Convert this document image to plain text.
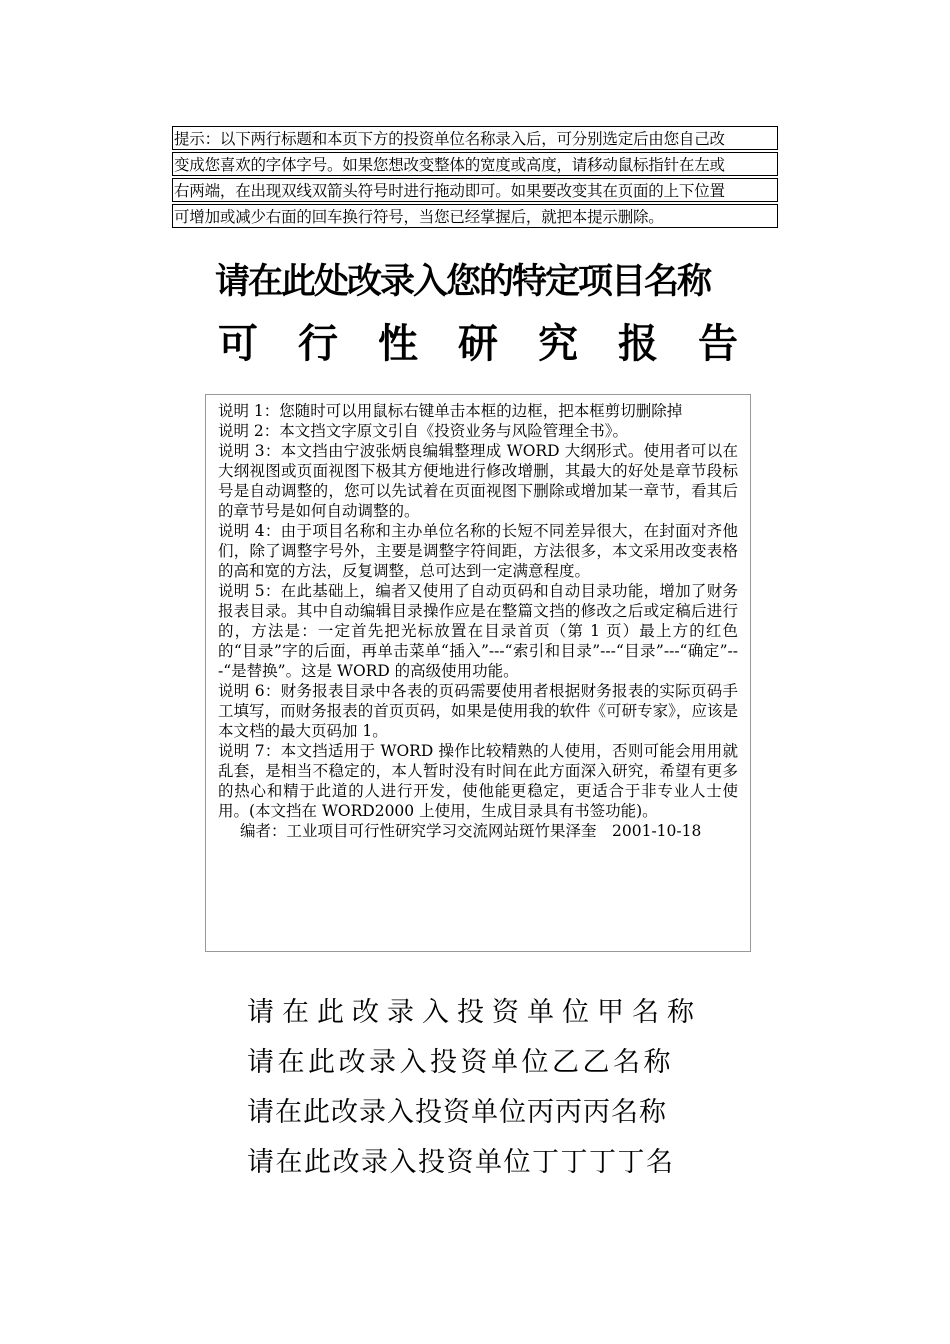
提示：以下两行标题和本页下方的投资单位名称录入后，可分别选定后由您自己改
变成您喜欢的字体字号。如果您想改变整体的宽度或高度，请移动鼠标指针在左或
右两端，在出现双线双箭头符号时进行拖动即可。如果要改变其在页面的上下位置
可增加或减少右面的回车换行符号，当您已经掌握后，就把本提示删除。
请在此处改录入您的特定项目名称
可 行 性 研 究 报 告

说明 1：您随时可以用鼠标右键单击本框的边框，把本框剪切删除掉

说明 2：本文挡文字原文引自《投资业务与风险管理全书》。

说明 3：本文挡由宁波张炳良编辑整理成 WORD 大纲形式。使用者可以在大纲视图或页面视图下极其方便地进行修改增删，其最大的好处是章节段标号是自动调整的，您可以先试着在页面视图下删除或增加某一章节，看其后的章节号是如何自动调整的。

说明 4：由于项目名称和主办单位名称的长短不同差异很大，在封面对齐他们，除了调整字号外，主要是调整字符间距，方法很多，本文采用改变表格的高和宽的方法，反复调整，总可达到一定满意程度。

说明 5：在此基础上，编者又使用了自动页码和自动目录功能，增加了财务报表目录。其中自动编辑目录操作应是在整篇文挡的修改之后或定稿后进行的，方法是：一定首先把光标放置在目录首页（第 1 页）最上方的红色的“目录”字的后面，再单击菜单“插入”---“索引和目录”---“目录”---“确定”---“是替换”。这是 WORD 的高级使用功能。

说明 6：财务报表目录中各表的页码需要使用者根据财务报表的实际页码手工填写，而财务报表的首页页码，如果是使用我的软件《可研专家》，应该是本文档的最大页码加 1。

说明 7：本文挡适用于 WORD 操作比较精熟的人使用，否则可能会用用就乱套，是相当不稳定的，本人暂时没有时间在此方面深入研究，希望有更多的热心和精于此道的人进行开发，使他能更稳定，更适合于非专业人士使用。(本文挡在 WORD2000 上使用，生成目录具有书签功能)。

编者：工业项目可行性研究学习交流网站斑竹果泽奎　2001-10-18

请在此改录入投资单位甲名称
请在此改录入投资单位乙乙名称
请在此改录入投资单位丙丙丙名称
请在此改录入投资单位丁丁丁丁名
